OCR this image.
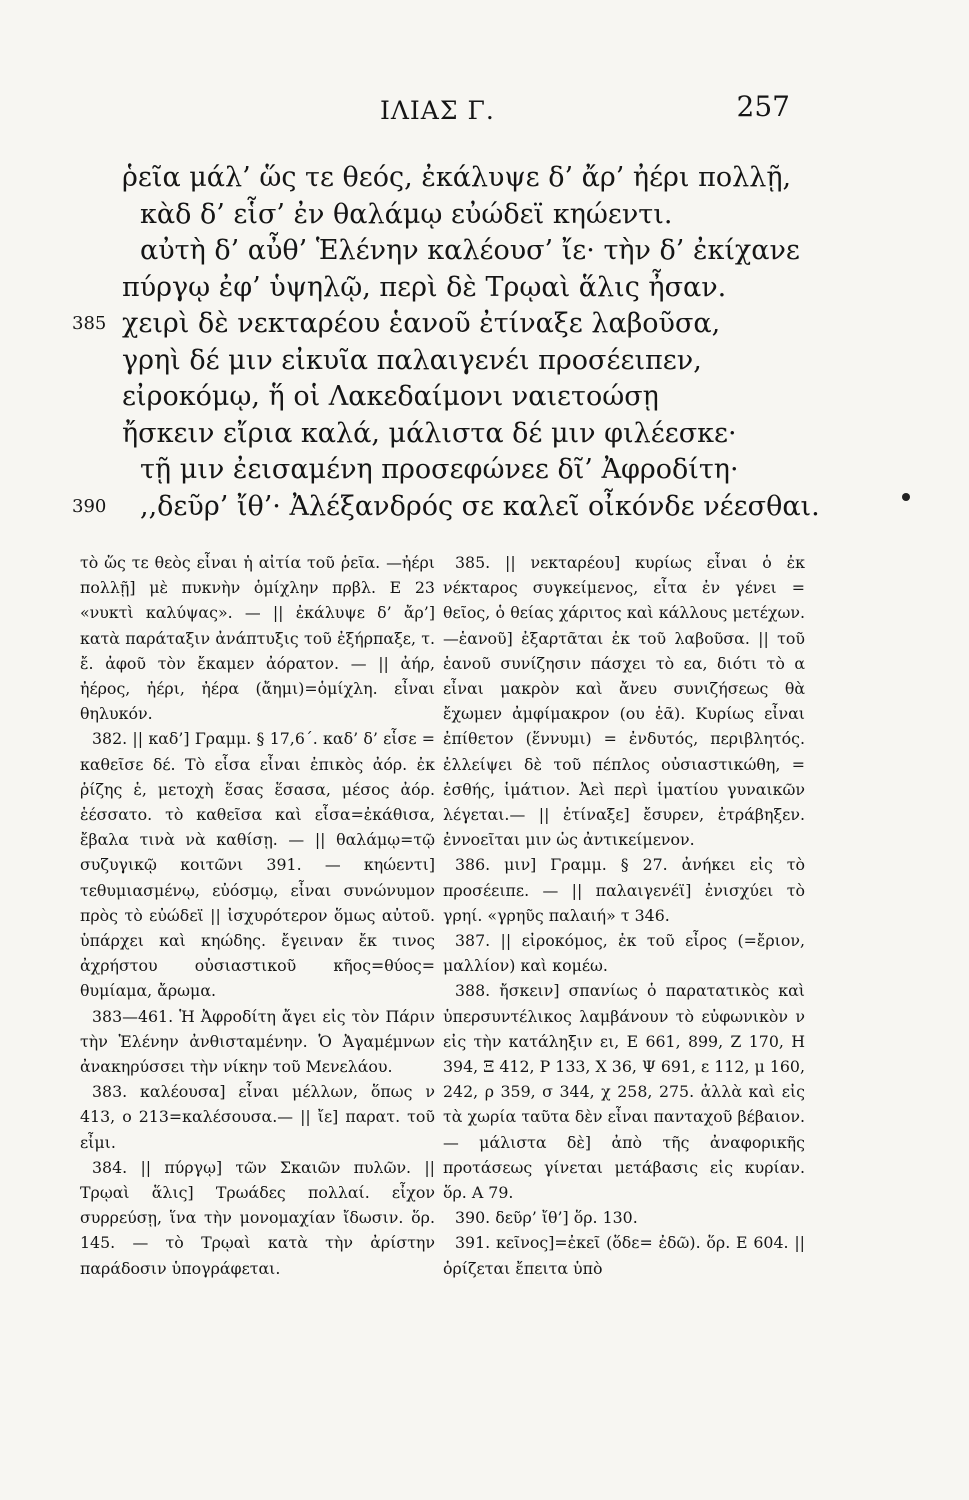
ΙΛΙΑΣ Γ.	257
ῥεῖα μάλ’ ὥς τε θεός, ἐκάλυψε δ’ ἄρ’ ἠέρι πολλῇ,
κὰδ δ’ εἷσ’ ἐν θαλάμῳ εὐώδεϊ κηώεντι.
αὐτὴ δ’ αὖθ’ Ἑλένην καλέουσ’ ἴε· τὴν δ’ ἐκίχανε
πύργῳ ἐφ’ ὑψηλῷ, περὶ δὲ Τρῳαὶ ἅλις ἦσαν.
385 χειρὶ δὲ νεκταρέου ἑανοῦ ἐτίναξε λαβοῦσα,
γρηὶ δέ μιν εἰκυῖα παλαιγενέι προσέειπεν,
εἰροκόμῳ, ἥ οἱ Λακεδαίμονι ναιετοώσῃ
ἤσκειν εἴρια καλά, μάλιστα δέ μιν φιλέεσκε·
τῇ μιν ἐεισαμένη προσεφώνεε δῖ’ Ἀφροδίτη·
390 ,,δεῦρ’ ἴθ’· Ἀλέξανδρός σε καλεῖ οἶκόνδε νέεσθαι.

τὸ ὥς τε θεὸς εἶναι ἡ αἰτία τοῦ ῥεῖα. —ἠέρι πολλῇ] μὲ πυκνὴν ὁμίχλην πρβλ. Ε 23 «νυκτὶ καλύψας». — || ἐκάλυψε δ’ ἄρ’] κατὰ παράταξιν ἀνάπτυξις τοῦ ἐξήρπαξε, τ. ἔ. ἀφοῦ τὸν ἔκαμεν ἀόρατον. — || ἀήρ, ἠέρος, ἠέρι, ἠέρα (ἄημι)=ὁμίχλη. εἶναι θηλυκόν.

382. || καδ’] Γραμμ. § 17,6΄. καδ’ δ’ εἷσε = καθεῖσε δέ. Τὸ εἷσα εἶναι ἐπικὸς ἀόρ. ἐκ ῥίζης ἑ, μετοχὴ ἕσας ἕσασα, μέσος ἀόρ. ἑέσσατο. τὸ καθεῖσα καὶ εἷσα=ἐκάθισα, ἔβαλα τινὰ νὰ καθίσῃ. — || θαλάμῳ=τῷ συζυγικῷ κοιτῶνι 391. — κηώεντι] τεθυμιασμένῳ, εὐόσμῳ, εἶναι συνώνυμον πρὸς τὸ εὐώδεϊ || ἰσχυρότερον ὅμως αὐτοῦ. ὑπάρχει καὶ κηώδης. ἔγειναν ἔκ τινος ἀχρήστου οὐσιαστικοῦ κῆος=θύος= θυμίαμα, ἄρωμα.

383—461. Ἡ Ἀφροδίτη ἄγει εἰς τὸν Πάριν τὴν Ἑλένην ἀνθισταμένην. Ὁ Ἀγαμέμνων ἀνακηρύσσει τὴν νίκην τοῦ Μενελάου.

383. καλέουσα] εἶναι μέλλων, ὅπως ν 413, ο 213=καλέσουσα.— || ἴε] παρατ. τοῦ εἶμι.

384. || πύργῳ] τῶν Σκαιῶν πυλῶν. || Τρῳαὶ ἅλις] Τρωάδες πολλαί. εἶχον συρρεύσῃ, ἵνα τὴν μονομαχίαν ἴδωσιν. ὅρ. 145. — τὸ Τρῳαὶ κατὰ τὴν ἀρίστην παράδοσιν ὑπογράφεται.

385. || νεκταρέου] κυρίως εἶναι ὁ ἐκ νέκταρος συγκείμενος, εἶτα ἐν γένει = θεῖος, ὁ θείας χάριτος καὶ κάλλους μετέχων.—ἑανοῦ] ἐξαρτᾶται ἐκ τοῦ λαβοῦσα. || τοῦ ἑανοῦ συνίζησιν πάσχει τὸ εα, διότι τὸ α εἶναι μακρὸν καὶ ἄνευ συνιζήσεως θὰ ἔχωμεν ἀμφίμακρον (ου ἑᾶ). Κυρίως εἶναι ἐπίθετον (ἕννυμι) = ἐνδυτός, περιβλητός. ἐλλείψει δὲ τοῦ πέπλος οὐσιαστικώθη, = ἐσθής, ἱμάτιον. Ἀεὶ περὶ ἱματίου γυναικῶν λέγεται.— || ἐτίναξε] ἔσυρεν, ἐτράβηξεν. ἐννοεῖται μιν ὡς ἀντικείμενον.

386. μιν] Γραμμ. § 27. ἀνήκει εἰς τὸ προσέειπε. — || παλαιγενέϊ] ἐνισχύει τὸ γρηί. «γρηῦς παλαιή» τ 346.

387. || εἰροκόμος, ἐκ τοῦ εἶρος (=ἔριον, μαλλίον) καὶ κομέω.

388. ἤσκειν] σπανίως ὁ παρατατικὸς καὶ ὑπερσυντέλικος λαμβάνουν τὸ εὐφωνικὸν ν εἰς τὴν κατάληξιν ει, Ε 661, 899, Ζ 170, Η 394, Ξ 412, Ρ 133, Χ 36, Ψ 691, ε 112, μ 160, 242, ρ 359, σ 344, χ 258, 275. ἀλλὰ καὶ εἰς τὰ χωρία ταῦτα δὲν εἶναι πανταχοῦ βέβαιον. — μάλιστα δὲ] ἀπὸ τῆς ἀναφορικῆς προτάσεως γίνεται μετάβασις εἰς κυρίαν. ὅρ. Α 79.

390. δεῦρ’ ἴθ’] ὅρ. 130.

391. κεῖνος]=ἐκεῖ (ὅδε= ἐδῶ). ὅρ. Ε 604. || ὁρίζεται ἔπειτα ὑπὸ
